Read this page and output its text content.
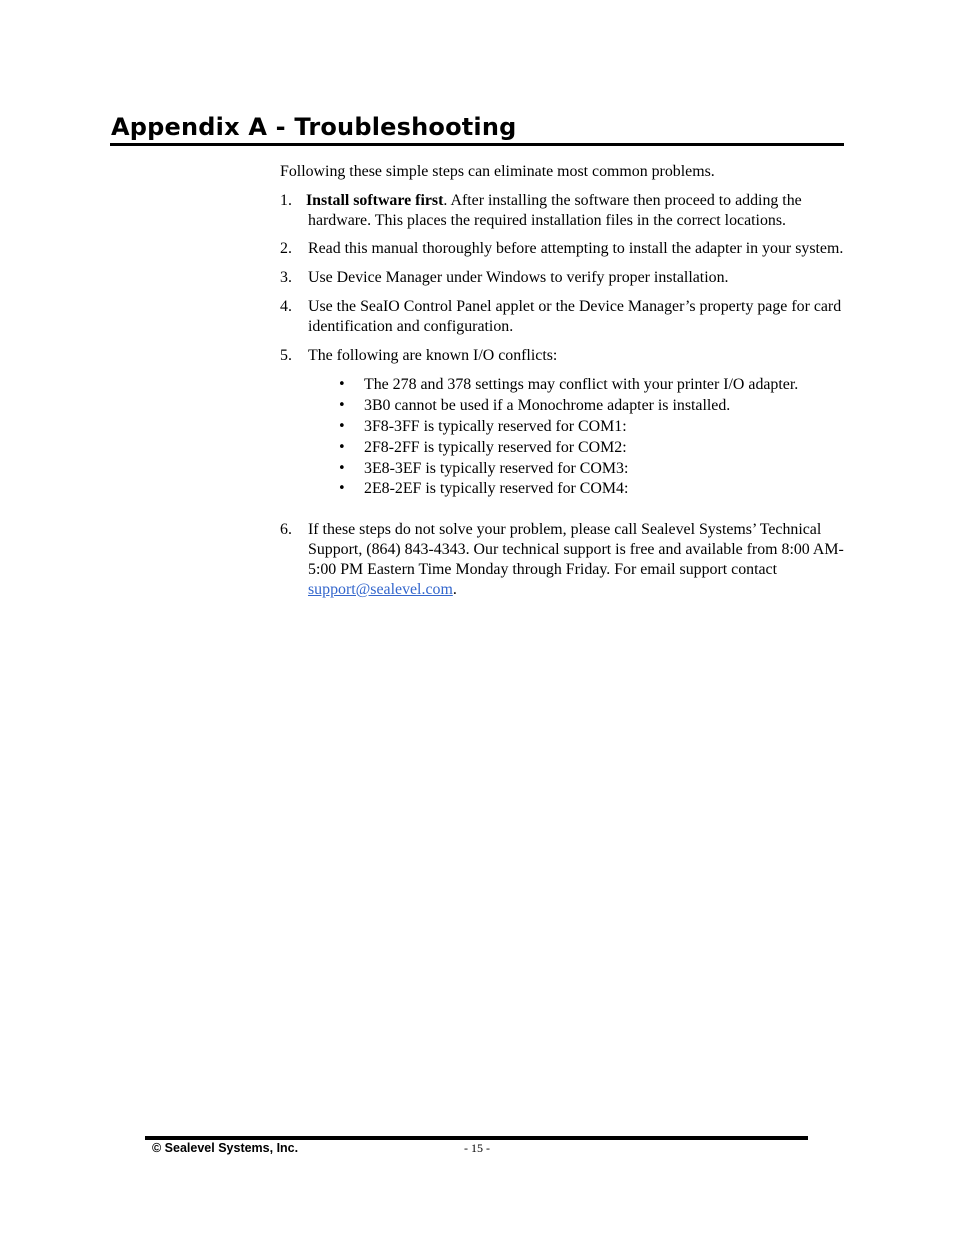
Appendix A - Troubleshooting

Following these simple steps can eliminate most common problems.

1. Install software first. After installing the software then proceed to adding the hardware. This places the required installation files in the correct locations.
2. Read this manual thoroughly before attempting to install the adapter in your system.
3. Use Device Manager under Windows to verify proper installation.
4. Use the SeaIO Control Panel applet or the Device Manager’s property page for card identification and configuration.
5. The following are known I/O conflicts:
• The 278 and 378 settings may conflict with your printer I/O adapter.
• 3B0 cannot be used if a Monochrome adapter is installed.
• 3F8-3FF is typically reserved for COM1:
• 2F8-2FF is typically reserved for COM2:
• 3E8-3EF is typically reserved for COM3:
• 2E8-2EF is typically reserved for COM4:
6. If these steps do not solve your problem, please call Sealevel Systems’ Technical Support, (864) 843-4343. Our technical support is free and available from 8:00 AM-5:00 PM Eastern Time Monday through Friday. For email support contact support@sealevel.com.
© Sealevel Systems, Inc.	- 15 -
